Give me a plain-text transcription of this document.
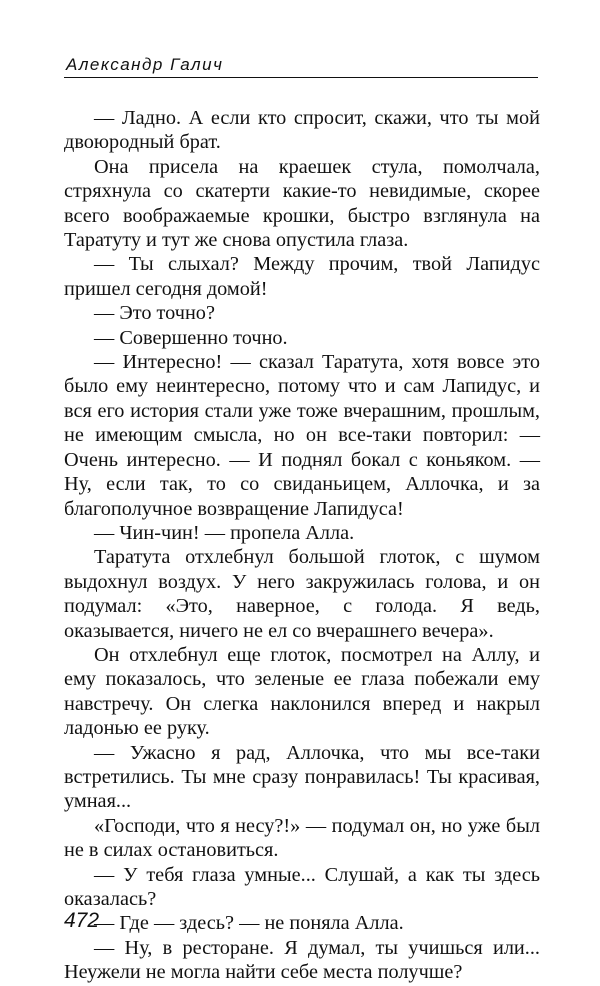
Александр Галич

— Ладно. А если кто спросит, скажи, что ты мой двоюродный брат.

Она присела на краешек стула, помолчала, стряхнула со скатерти какие-то невидимые, скорее всего воображаемые крошки, быстро взглянула на Таратуту и тут же снова опустила глаза.

— Ты слыхал? Между прочим, твой Лапидус пришел сегодня домой!

— Это точно?

— Совершенно точно.

— Интересно! — сказал Таратута, хотя вовсе это было ему неинтересно, потому что и сам Лапидус, и вся его история стали уже тоже вчерашним, прошлым, не имеющим смысла, но он все-таки повторил: — Очень интересно. — И поднял бокал с коньяком. — Ну, если так, то со свиданьицем, Аллочка, и за благополучное возвращение Лапидуса!

— Чин-чин! — пропела Алла.

Таратута отхлебнул большой глоток, с шумом выдохнул воздух. У него закружилась голова, и он подумал: «Это, наверное, с голода. Я ведь, оказывается, ничего не ел со вчерашнего вечера».

Он отхлебнул еще глоток, посмотрел на Аллу, и ему показалось, что зеленые ее глаза побежали ему навстречу. Он слегка наклонился вперед и накрыл ладонью ее руку.

— Ужасно я рад, Аллочка, что мы все-таки встретились. Ты мне сразу понравилась! Ты красивая, умная...

«Господи, что я несу?!» — подумал он, но уже был не в силах остановиться.

— У тебя глаза умные... Слушай, а как ты здесь оказалась?

— Где — здесь? — не поняла Алла.

— Ну, в ресторане. Я думал, ты учишься или... Неужели не могла найти себе места получше?

472
